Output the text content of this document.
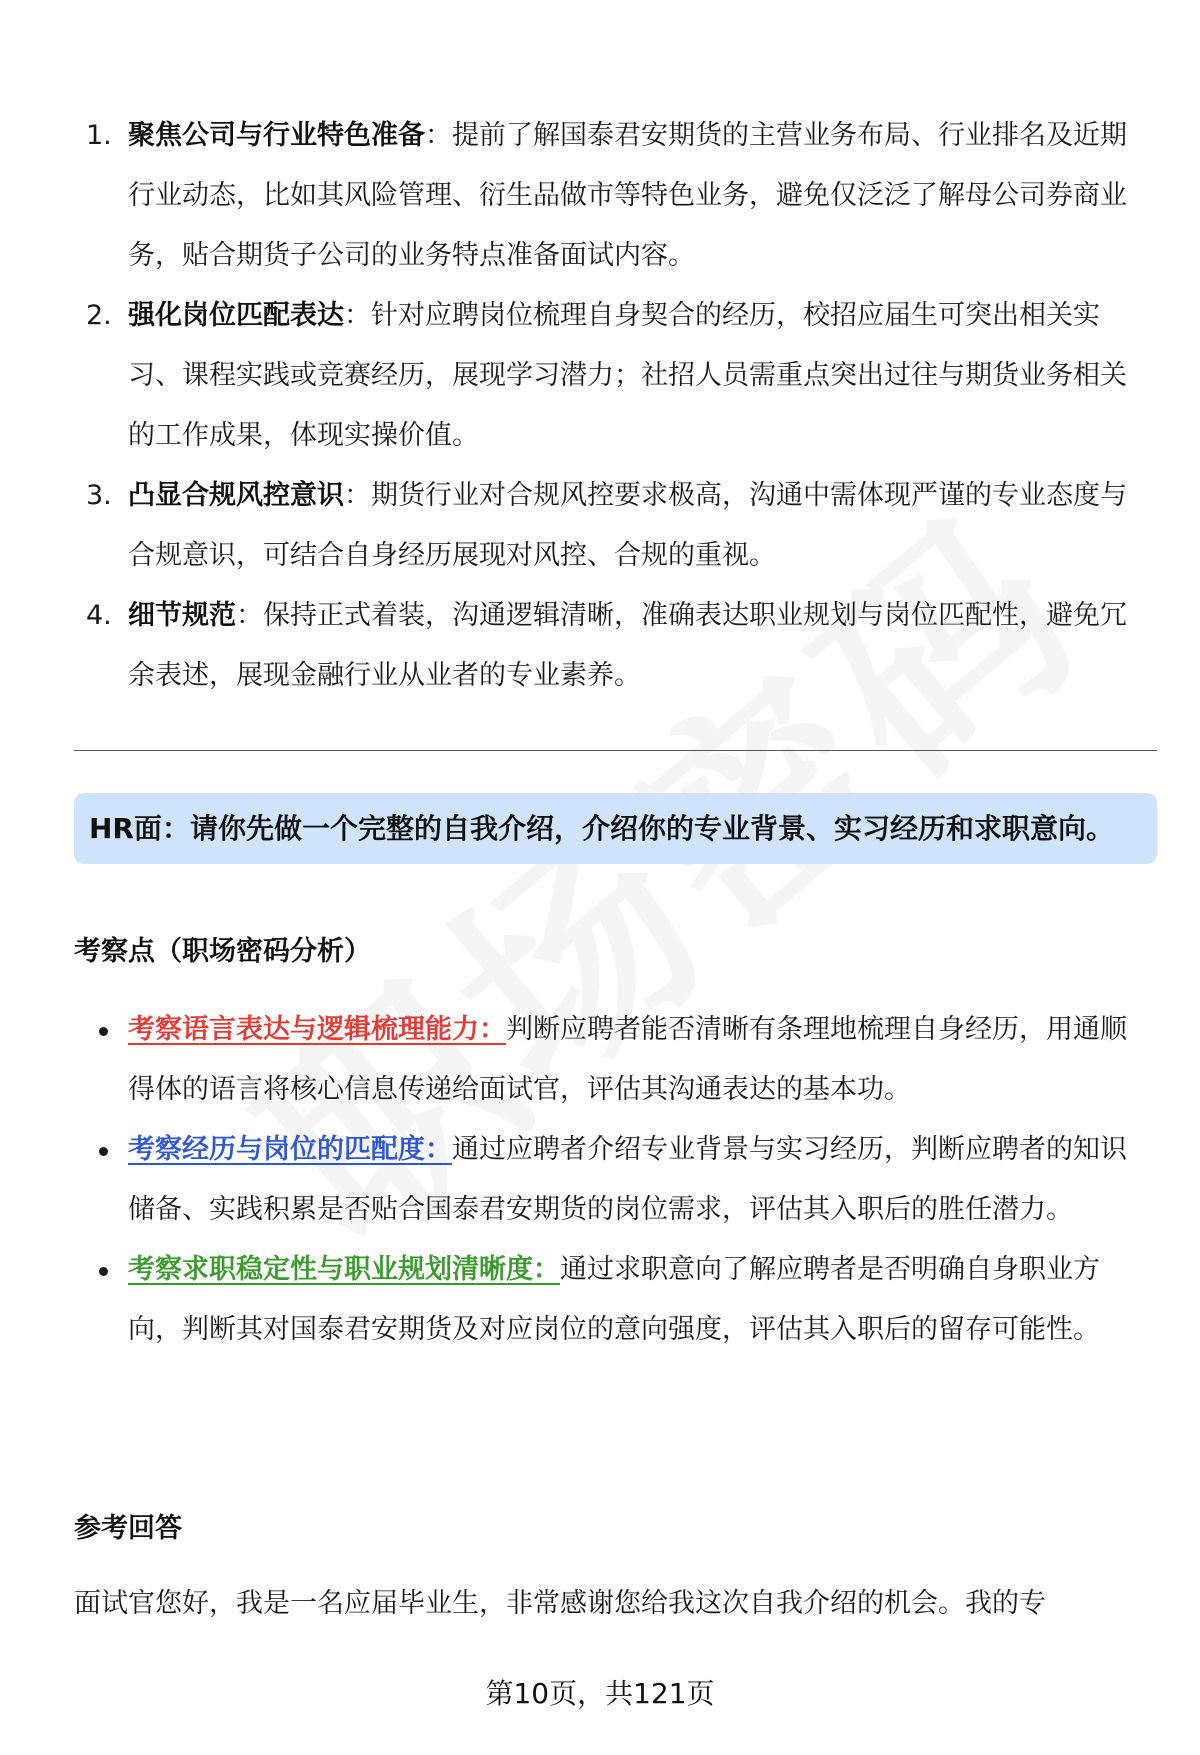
1. 聚焦公司与行业特色准备：提前了解国泰君安期货的主营业务布局、行业排名及近期行业动态，比如其风险管理、衍生品做市等特色业务，避免仅泛泛了解母公司券商业务，贴合期货子公司的业务特点准备面试内容。
2. 强化岗位匹配表达：针对应聘岗位梳理自身契合的经历，校招应届生可突出相关实习、课程实践或竞赛经历，展现学习潜力；社招人员需重点突出过往与期货业务相关的工作成果，体现实操价值。
3. 凸显合规风控意识：期货行业对合规风控要求极高，沟通中需体现严谨的专业态度与合规意识，可结合自身经历展现对风控、合规的重视。
4. 细节规范：保持正式着装，沟通逻辑清晰，准确表达职业规划与岗位匹配性，避免冗余表述，展现金融行业从业者的专业素养。
HR面：请你先做一个完整的自我介绍，介绍你的专业背景、实习经历和求职意向。
考察点（职场密码分析）
考察语言表达与逻辑梳理能力：判断应聘者能否清晰有条理地梳理自身经历，用通顺得体的语言将核心信息传递给面试官，评估其沟通表达的基本功。
考察经历与岗位的匹配度：通过应聘者介绍专业背景与实习经历，判断应聘者的知识储备、实践积累是否贴合国泰君安期货的岗位需求，评估其入职后的胜任潜力。
考察求职稳定性与职业规划清晰度：通过求职意向了解应聘者是否明确自身职业方向，判断其对国泰君安期货及对应岗位的意向强度，评估其入职后的留存可能性。
参考回答

面试官您好，我是一名应届毕业生，非常感谢您给我这次自我介绍的机会。我的专

第10页，共121页
